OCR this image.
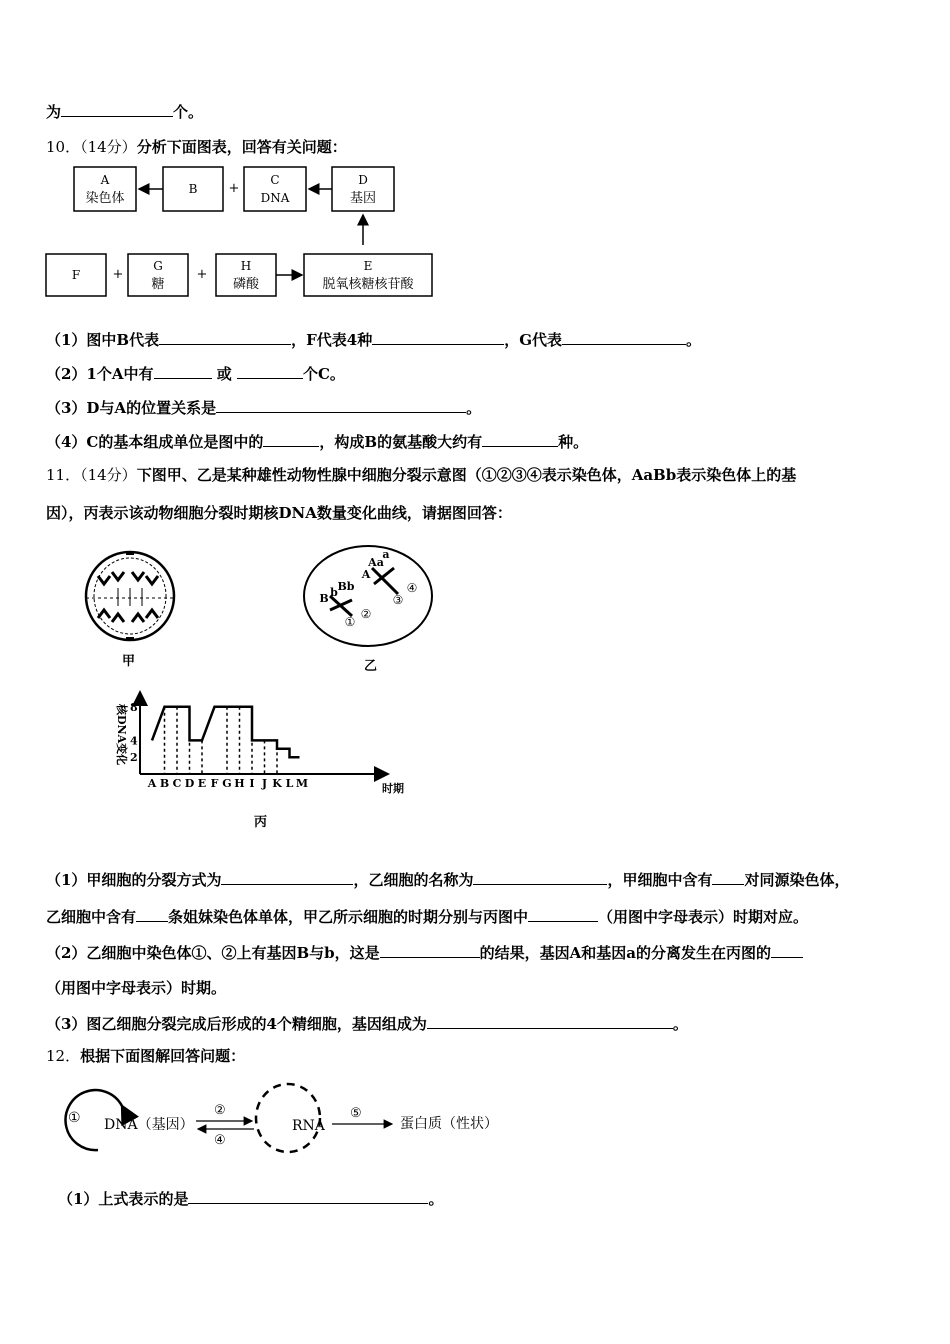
为	个。
10．（14分）分析下面图表，回答有关问题：
A
染色体
B +
C
DNA
D
基因
F +
G
糖
+
H
磷酸
E
脱氧核糖核苷酸
（1）图中B代表	，F代表4种	，G代表	。
（2）1个A中有	或	个C。
（3）D与A的位置关系是	。
（4）C的基本组成单位是图中的	，构成B的氨基酸大约有	种。
11．（14分）下图甲、乙是某种雄性动物性腺中细胞分裂示意图（①②③④表示染色体，AaBb表示染色体上的基
因），丙表示该动物细胞分裂时期核DNA数量变化曲线，请据图回答：
甲
B b Bb
A
Aa
a
①
②
③
④
乙
核DNA变化
时期
丙
2
4
8
A B C D E F G H I J K L M
（1）甲细胞的分裂方式为	，乙细胞的名称为	，甲细胞中含有 对同源染色体，
乙细胞中含有 条姐妹染色体单体，甲乙所示细胞的时期分别与丙图中	（用图中字母表示）时期对应。
（2）乙细胞中染色体①、②上有基因B与b，这是	的结果，基因A和基因a的分离发生在丙图的
（用图中字母表示）时期。
（3）图乙细胞分裂完成后形成的4个精细胞，基因组成为	。
12．根据下面图解回答问题：
① DNA（基因）
②
④
RNA
⑤
蛋白质（性状）
（1）上式表示的是	。
